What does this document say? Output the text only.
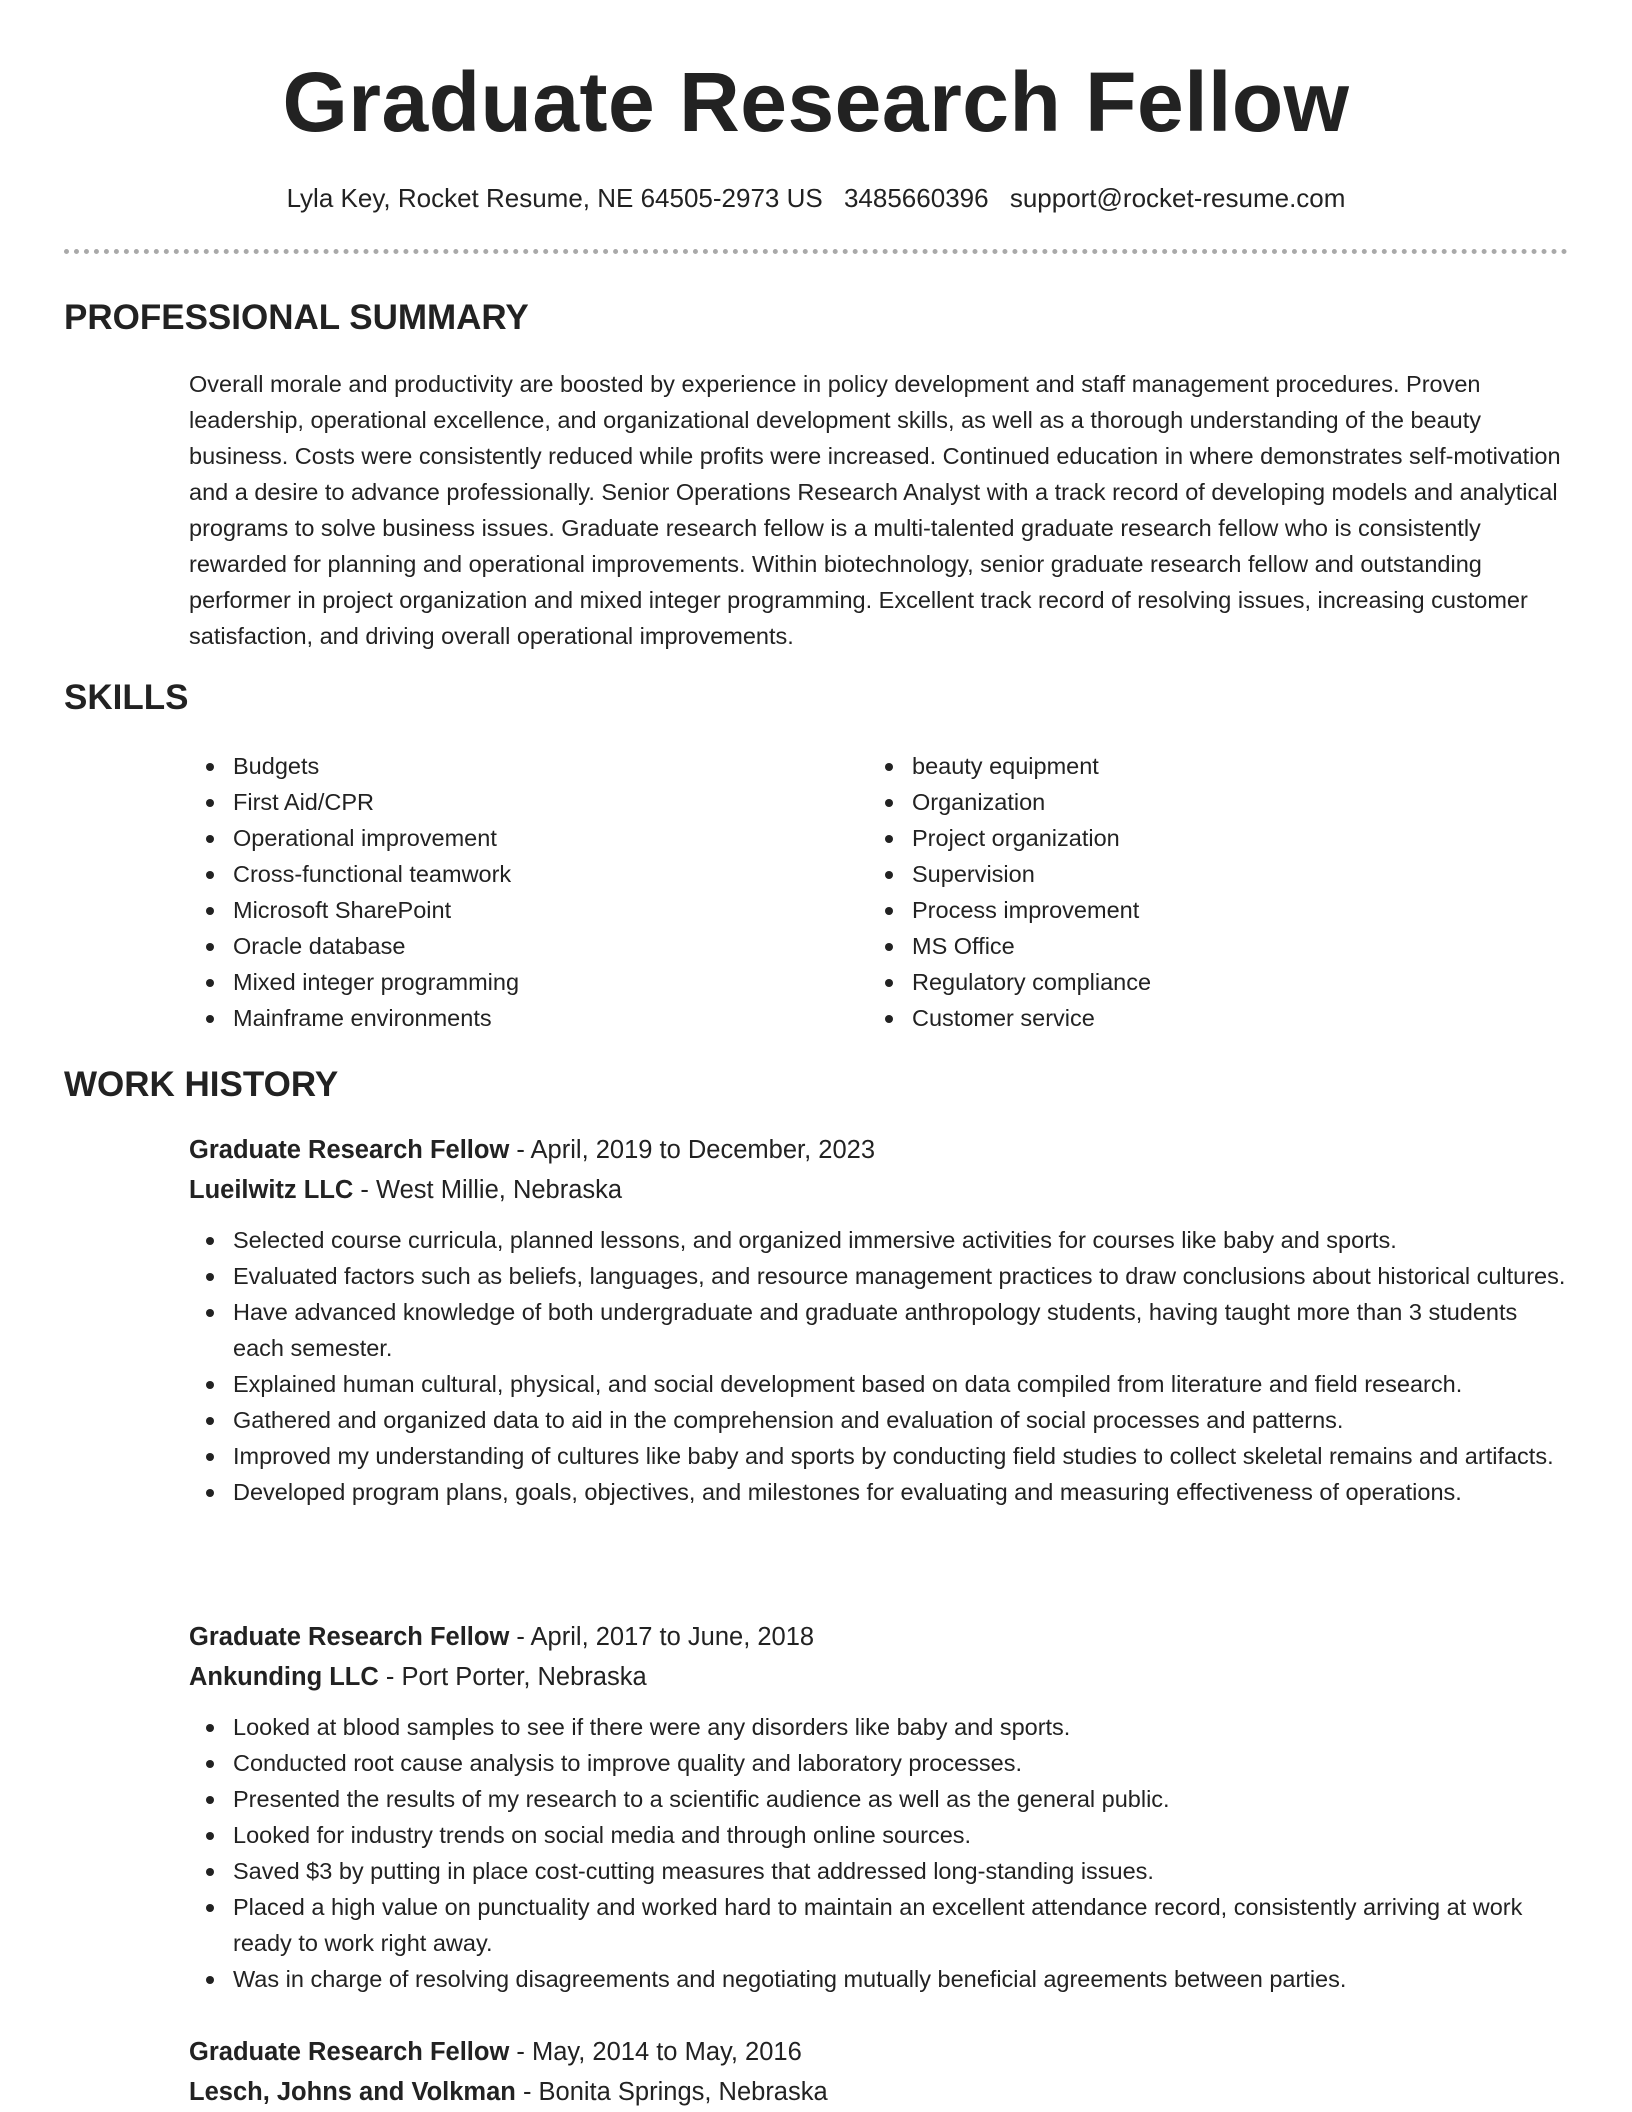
Graduate Research Fellow
Lyla Key, Rocket Resume, NE 64505-2973 US 3485660396 support@rocket-resume.com
PROFESSIONAL SUMMARY

Overall morale and productivity are boosted by experience in policy development and staff management procedures. Proven leadership, operational excellence, and organizational development skills, as well as a thorough understanding of the beauty business. Costs were consistently reduced while profits were increased. Continued education in where demonstrates self-motivation and a desire to advance professionally. Senior Operations Research Analyst with a track record of developing models and analytical programs to solve business issues. Graduate research fellow is a multi-talented graduate research fellow who is consistently rewarded for planning and operational improvements. Within biotechnology, senior graduate research fellow and outstanding performer in project organization and mixed integer programming. Excellent track record of resolving issues, increasing customer satisfaction, and driving overall operational improvements.

SKILLS
Budgets
First Aid/CPR
Operational improvement
Cross-functional teamwork
Microsoft SharePoint
Oracle database
Mixed integer programming
Mainframe environments
beauty equipment
Organization
Project organization
Supervision
Process improvement
MS Office
Regulatory compliance
Customer service
WORK HISTORY
Graduate Research Fellow - April, 2019 to December, 2023
Lueilwitz LLC - West Millie, Nebraska
Selected course curricula, planned lessons, and organized immersive activities for courses like baby and sports.
Evaluated factors such as beliefs, languages, and resource management practices to draw conclusions about historical cultures.
Have advanced knowledge of both undergraduate and graduate anthropology students, having taught more than 3 students each semester.
Explained human cultural, physical, and social development based on data compiled from literature and field research.
Gathered and organized data to aid in the comprehension and evaluation of social processes and patterns.
Improved my understanding of cultures like baby and sports by conducting field studies to collect skeletal remains and artifacts.
Developed program plans, goals, objectives, and milestones for evaluating and measuring effectiveness of operations.
Graduate Research Fellow - April, 2017 to June, 2018
Ankunding LLC - Port Porter, Nebraska
Looked at blood samples to see if there were any disorders like baby and sports.
Conducted root cause analysis to improve quality and laboratory processes.
Presented the results of my research to a scientific audience as well as the general public.
Looked for industry trends on social media and through online sources.
Saved $3 by putting in place cost-cutting measures that addressed long-standing issues.
Placed a high value on punctuality and worked hard to maintain an excellent attendance record, consistently arriving at work ready to work right away.
Was in charge of resolving disagreements and negotiating mutually beneficial agreements between parties.
Graduate Research Fellow - May, 2014 to May, 2016
Lesch, Johns and Volkman - Bonita Springs, Nebraska
